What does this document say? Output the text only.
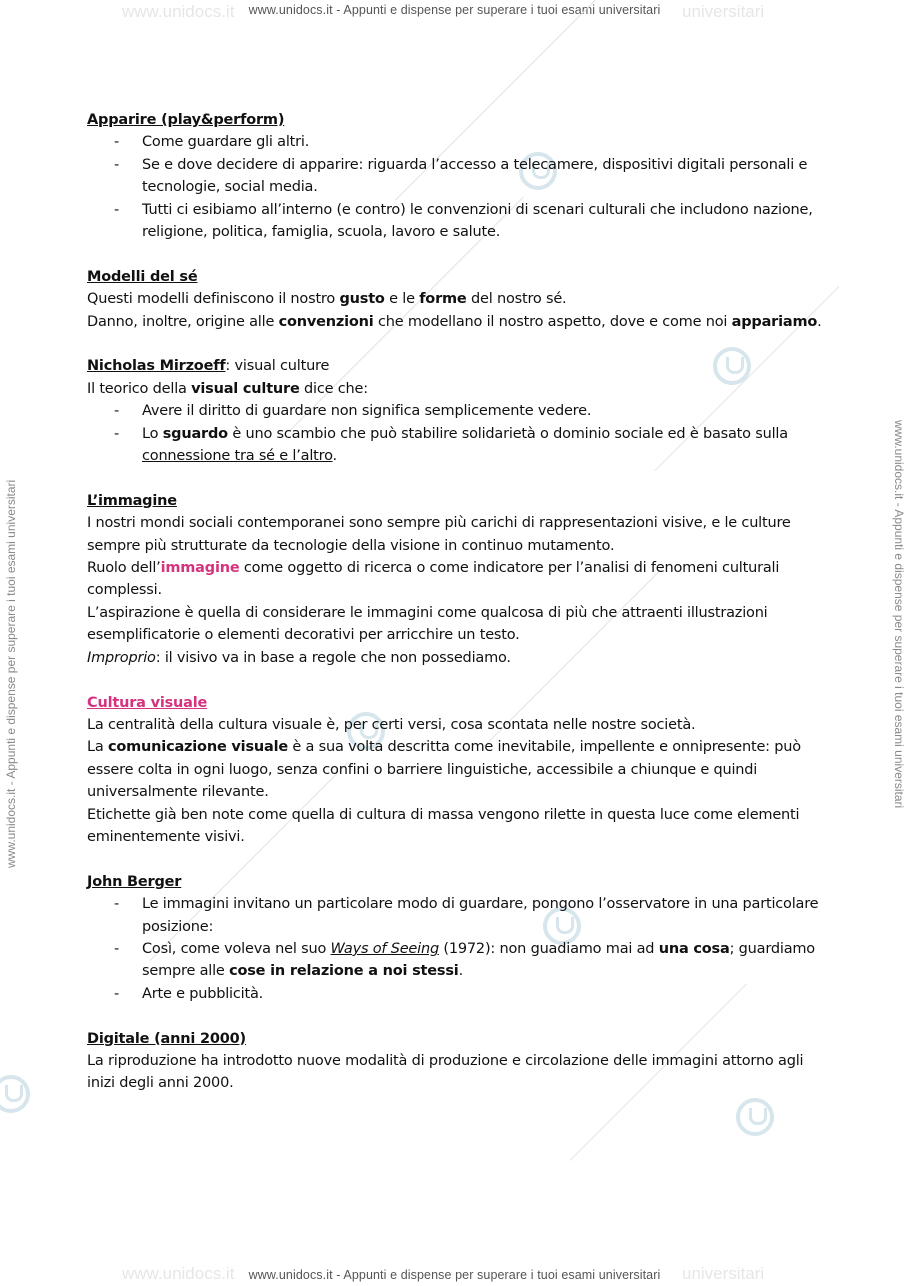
www.unidocs.it	universitari
www.unidocs.it - Appunti e dispense per superare i tuoi esami universitari
www.unidocs.it	universitari
www.unidocs.it - Appunti e dispense per superare i tuoi esami universitari
www.unidocs.it - Appunti e dispense per superare i tuoi esami universitari	www.unidocs.it - Appunti e dispense per superare i tuoi esami universitari

Apparire (play&perform)

- Come guardare gli altri.
- Se e dove decidere di apparire: riguarda l’accesso a telecamere, dispositivi digitali personali e tecnologie, social media.
- Tutti ci esibiamo all’interno (e contro) le convenzioni di scenari culturali che includono nazione, religione, politica, famiglia, scuola, lavoro e salute.

Modelli del sé

Questi modelli definiscono il nostro gusto e le forme del nostro sé.

Danno, inoltre, origine alle convenzioni che modellano il nostro aspetto, dove e come noi appariamo.

Nicholas Mirzoeff: visual culture

Il teorico della visual culture dice che:

- Avere il diritto di guardare non significa semplicemente vedere.
- Lo sguardo è uno scambio che può stabilire solidarietà o dominio sociale ed è basato sulla connessione tra sé e l’altro.

L’immagine

I nostri mondi sociali contemporanei sono sempre più carichi di rappresentazioni visive, e le culture sempre più strutturate da tecnologie della visione in continuo mutamento.

Ruolo dell’immagine come oggetto di ricerca o come indicatore per l’analisi di fenomeni culturali complessi.

L’aspirazione è quella di considerare le immagini come qualcosa di più che attraenti illustrazioni esemplificatorie o elementi decorativi per arricchire un testo.

Improprio: il visivo va in base a regole che non possediamo.

Cultura visuale

La centralità della cultura visuale è, per certi versi, cosa scontata nelle nostre società.

La comunicazione visuale è a sua volta descritta come inevitabile, impellente e onnipresente: può essere colta in ogni luogo, senza confini o barriere linguistiche, accessibile a chiunque e quindi universalmente rilevante.

Etichette già ben note come quella di cultura di massa vengono rilette in questa luce come elementi eminentemente visivi.

John Berger

- Le immagini invitano un particolare modo di guardare, pongono l’osservatore in una particolare posizione:
- Così, come voleva nel suo Ways of Seeing (1972): non guadiamo mai ad una cosa; guardiamo sempre alle cose in relazione a noi stessi.
- Arte e pubblicità.

Digitale (anni 2000)

La riproduzione ha introdotto nuove modalità di produzione e circolazione delle immagini attorno agli inizi degli anni 2000.
